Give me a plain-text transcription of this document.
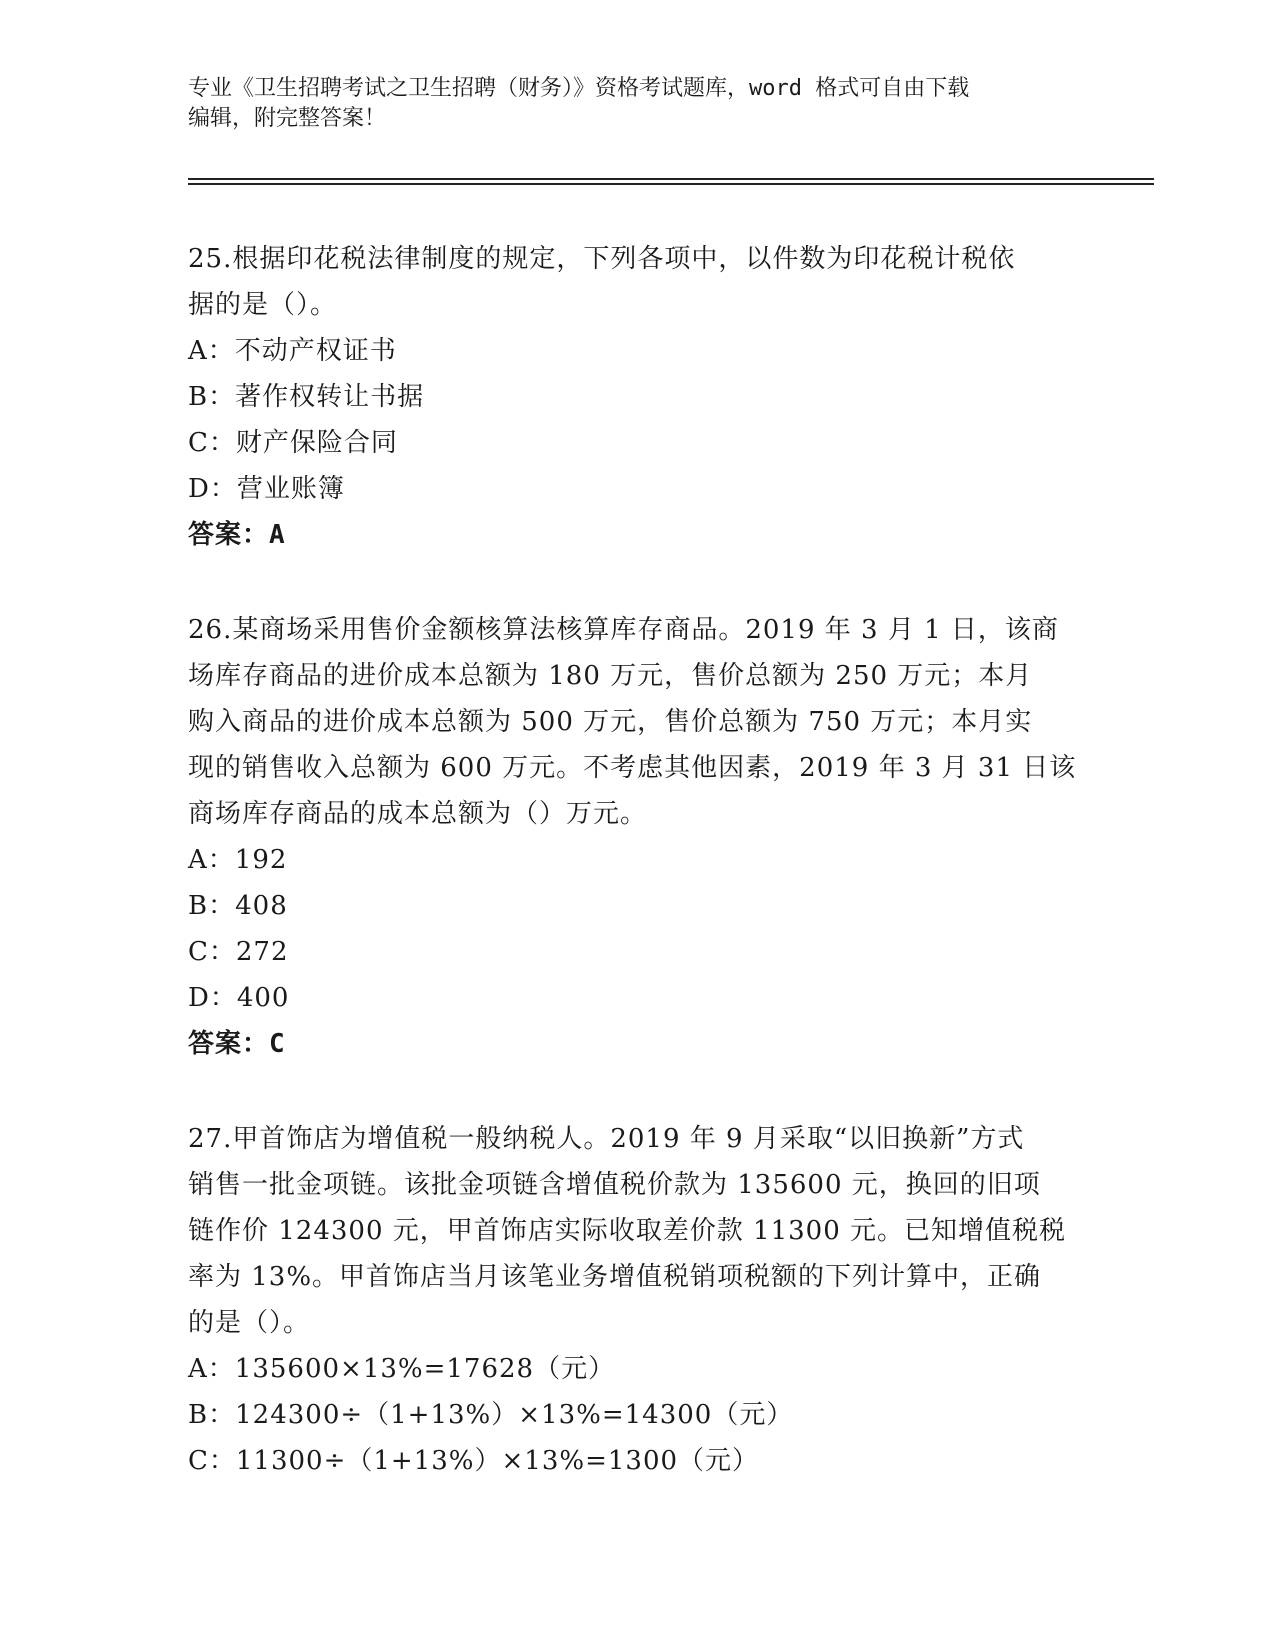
专业《卫生招聘考试之卫生招聘（财务）》资格考试题库，word 格式可自由下载
编辑，附完整答案！
25.根据印花税法律制度的规定，下列各项中，以件数为印花税计税依
据的是（）。
A：不动产权证书
B：著作权转让书据
C：财产保险合同
D：营业账簿
答案：A
26.某商场采用售价金额核算法核算库存商品。2019 年 3 月 1 日，该商
场库存商品的进价成本总额为 180 万元，售价总额为 250 万元；本月
购入商品的进价成本总额为 500 万元，售价总额为 750 万元；本月实
现的销售收入总额为 600 万元。不考虑其他因素，2019 年 3 月 31 日该
商场库存商品的成本总额为（）万元。
A：192
B：408
C：272
D：400
答案：C
27.甲首饰店为增值税一般纳税人。2019 年 9 月采取“以旧换新”方式
销售一批金项链。该批金项链含增值税价款为 135600 元，换回的旧项
链作价 124300 元，甲首饰店实际收取差价款 11300 元。已知增值税税
率为 13%。甲首饰店当月该笔业务增值税销项税额的下列计算中，正确
的是（）。
A：135600×13%=17628（元）
B：124300÷（1+13%）×13%=14300（元）
C：11300÷（1+13%）×13%=1300（元）
